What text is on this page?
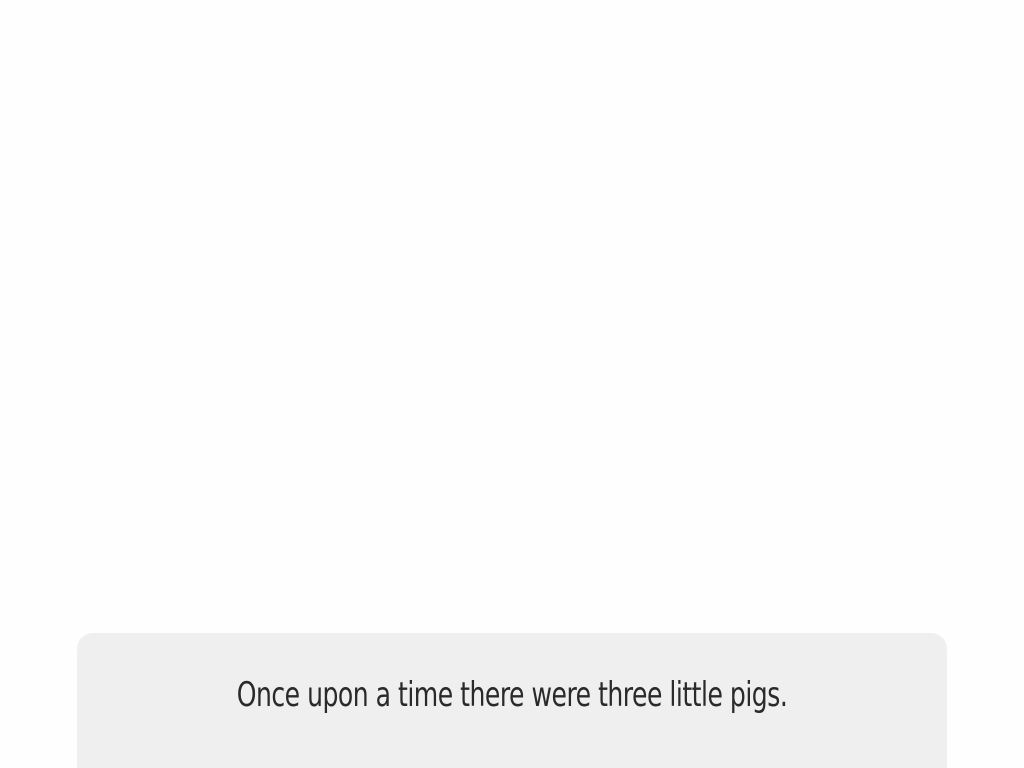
Once upon a time there were three little pigs.
